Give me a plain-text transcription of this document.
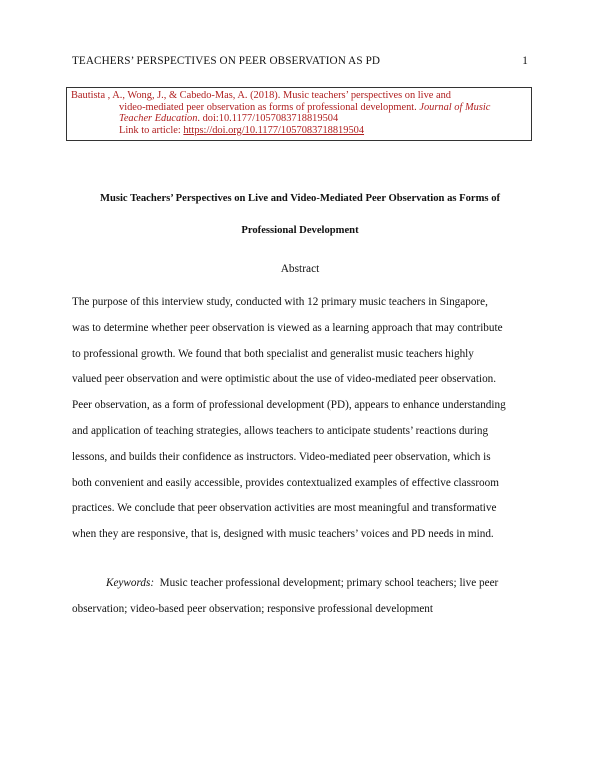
TEACHERS’ PERSPECTIVES ON PEER OBSERVATION AS PD	1
Bautista , A., Wong, J., & Cabedo-Mas, A. (2018). Music teachers’ perspectives on live and
video-mediated peer observation as forms of professional development. Journal of Music
Teacher Education. doi:10.1177/1057083718819504
Link to article: https://doi.org/10.1177/1057083718819504
Music Teachers’ Perspectives on Live and Video-Mediated Peer Observation as Forms of
Professional Development
Abstract
The purpose of this interview study, conducted with 12 primary music teachers in Singapore,
was to determine whether peer observation is viewed as a learning approach that may contribute
to professional growth. We found that both specialist and generalist music teachers highly
valued peer observation and were optimistic about the use of video-mediated peer observation.
Peer observation, as a form of professional development (PD), appears to enhance understanding
and application of teaching strategies, allows teachers to anticipate students’ reactions during
lessons, and builds their confidence as instructors. Video-mediated peer observation, which is
both convenient and easily accessible, provides contextualized examples of effective classroom
practices. We conclude that peer observation activities are most meaningful and transformative
when they are responsive, that is, designed with music teachers’ voices and PD needs in mind.
Keywords:  Music teacher professional development; primary school teachers; live peer
observation; video-based peer observation; responsive professional development
